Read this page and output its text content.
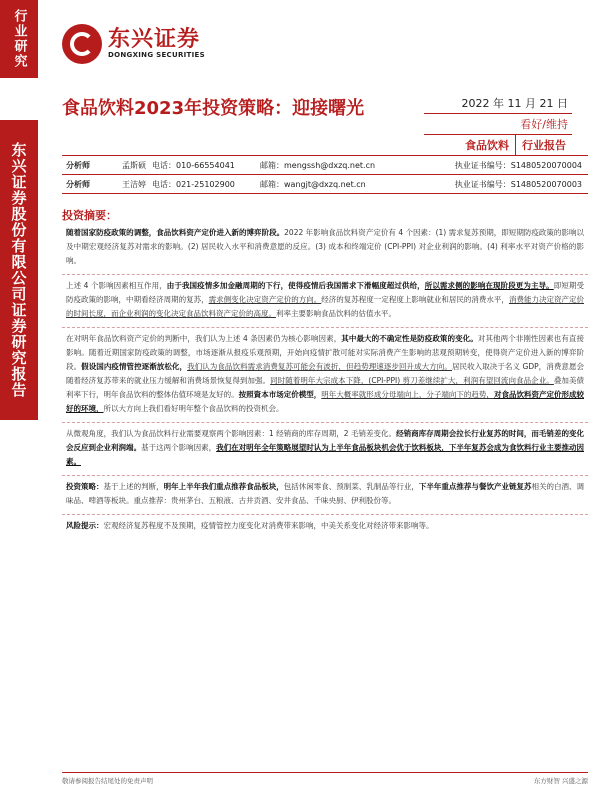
行业研究
东兴证券股份有限公司证券研究报告
东兴证券
DONGXING SECURITIES
食品饮料2023年投资策略：迎接曙光	2022 年 11 月 21 日
看好/维持
食品饮料	行业报告
分析师	孟斯硕 电话：010-66554041	邮箱：mengssh@dxzq.net.cn	执业证书编号：S1480520070004
分析师	王洁婷 电话：021-25102900	邮箱：wangjt@dxzq.net.cn	执业证书编号：S1480520070003
投资摘要：
随着国家防疫政策的调整，食品饮料资产定价进入新的博弈阶段。2022 年影响食品饮料资产定价有 4 个因素：(1) 需求复苏预期，即短期防疫政策的影响以及中期宏观经济复苏对需求的影响。(2) 居民收入水平和消费意愿的反应。(3) 成本和终端定价 (CPI-PPI) 对企业利润的影响。(4) 利率水平对资产价格的影响。
上述 4 个影响因素相互作用，由于我国疫情多加金融周期的下行，使得疫情后我国需求下滑幅度超过供给，所以需求侧的影响在现阶段更为主导。即短期受防疫政策的影响，中期看经济周期的复苏，需求侧变化决定资产定价的方向。经济的复苏程度一定程度上影响就业和居民的消费水平，消费能力决定资产定价的时间长度，而企业利润的变化决定食品饮料资产定价的高度。利率主要影响食品饮料的估值水平。
在对明年食品饮料资产定价的判断中，我们认为上述 4 条因素仍为核心影响因素，其中最大的不确定性是防疫政策的变化。对其他两个非刚性因素也有直接影响。随着近期国家防疫政策的调整，市场逐渐从报疫乐观预期，开始向疫情扩散可能对实际消费产生影响的悲观预期转变，使得资产定价进入新的博弈阶段。假设国内疫情管控逐渐放松化，我们认为食品饮料需求消费复苏可能会有波折，但趋势理速逐步回升成大方向。居民收入取决于名义 GDP，消费意愿会随着经济复苏带来的就业压力缓解和消费场景恢复得到加强。同时随着明年大宗成本下降，(CPI-PPI) 剪刀差继续扩大，利润有望回流向食品企业。叠加美债利率下行，明年食品饮料的整体估值环境是友好的。按照資本市场定价模型，明年大概率就形成分母端向上，分子端向下的趋势，对食品饮料资产定价形成较好的环境，所以大方向上我们看好明年整个食品饮料的投资机会。
从微观角度，我们认为食品饮料行业需要观察两个影响因素：1 经销商的库存周期，2 毛销差变化。经销商库存周期会拉长行业复苏的时间，而毛销差的变化会反应到企业利润端。基于这两个影响因素，我们在对明年全年策略展望时认为上半年食品板块机会优于饮料板块，下半年复苏会成为食饮料行业主要推动因素。
投资策略：基于上述的判断，明年上半年我们重点推荐食品板块，包括休闲零食、预制菜、乳制品等行业，下半年重点推荐与餐饮产业链复苏相关的白酒、调味品、啤酒等板块。重点推荐：贵州茅台、五粮液、古井贡酒、安井食品、千味央厨、伊利股份等。
风险提示：宏观经济复苏程度不及预期，疫情管控力度变化对消费带来影响，中美关系变化对经济带来影响等。
敬请参阅报告结尾处的免责声明	东方财智 兴盛之源
